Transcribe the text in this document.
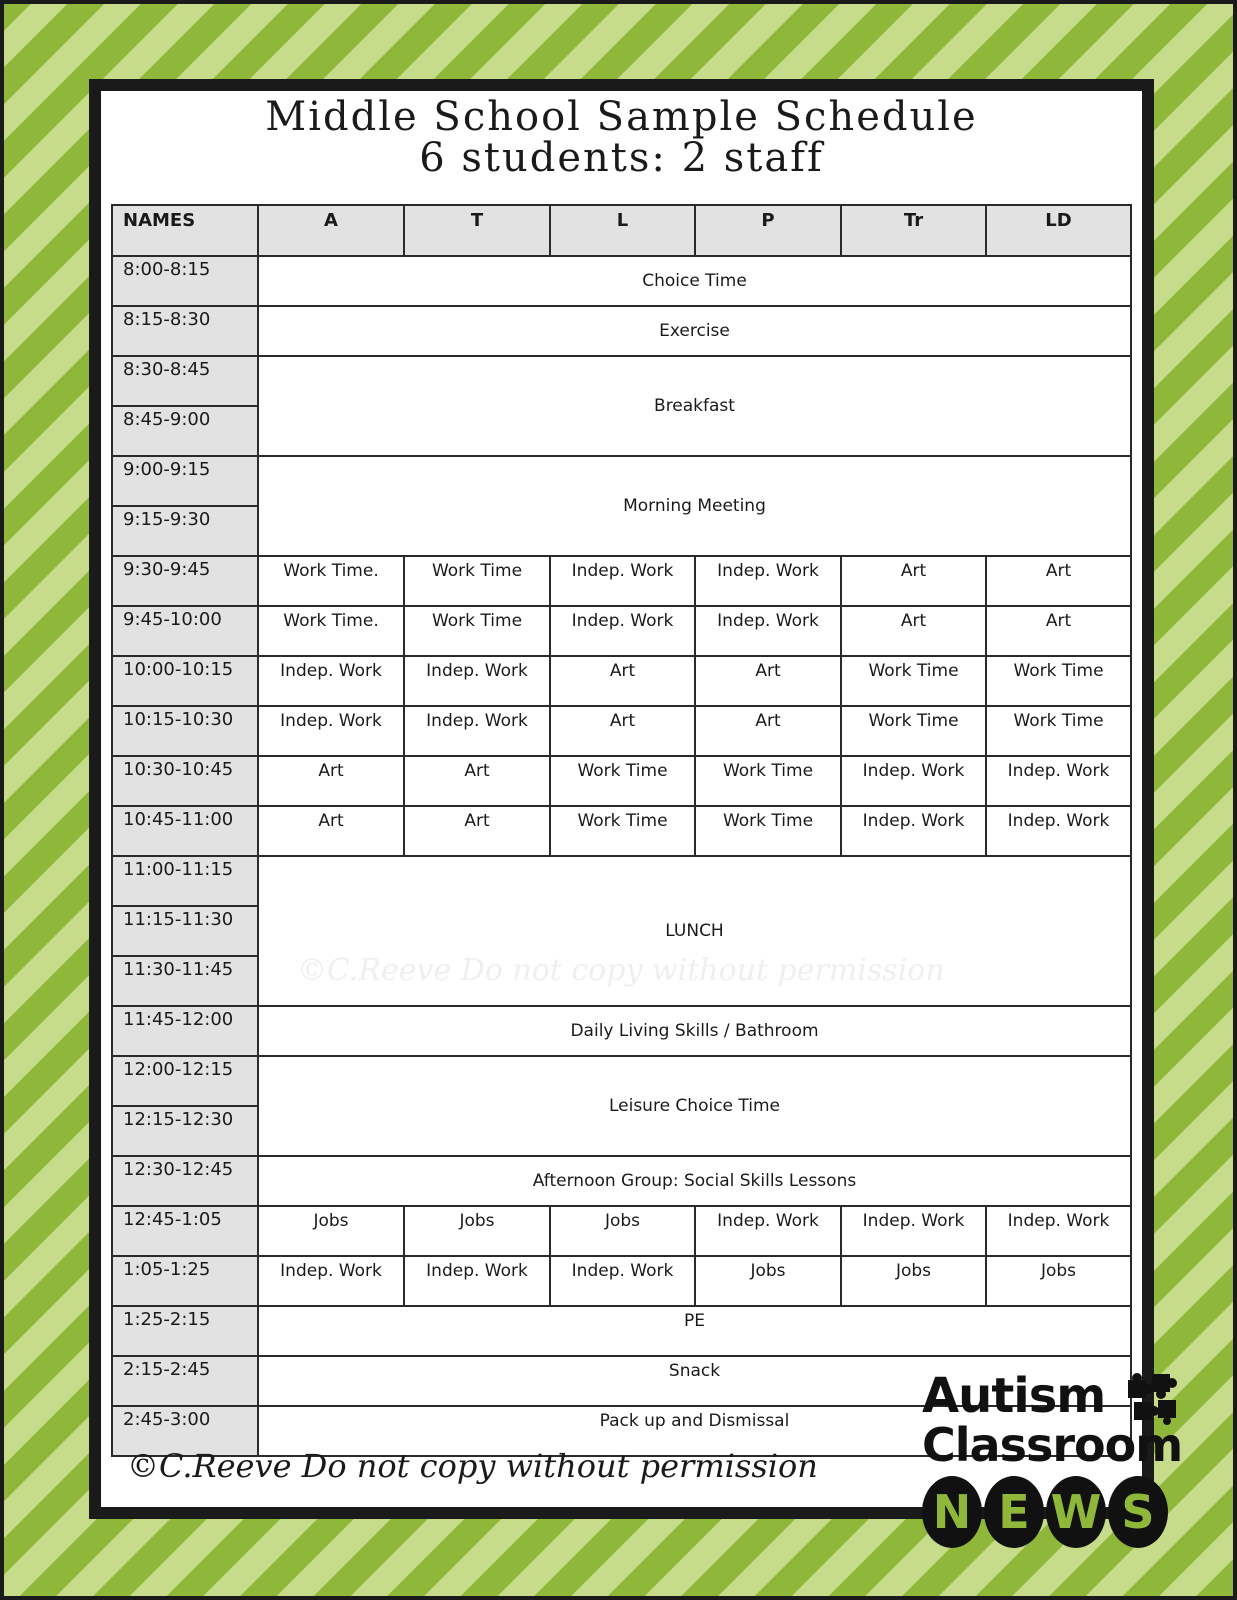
Middle School Sample Schedule
6 students: 2 staff
©C.Reeve Do not copy without permission
NAMES	A	T	L	P	Tr	LD
8:00-8:15	Choice Time					
8:15-8:30	Exercise					
8:30-8:45	Breakfast					
8:45-9:00						
9:00-9:15	Morning Meeting					
9:15-9:30						
9:30-9:45	Work Time.	Work Time	Indep. Work	Indep. Work	Art	Art
9:45-10:00	Work Time.	Work Time	Indep. Work	Indep. Work	Art	Art
10:00-10:15	Indep. Work	Indep. Work	Art	Art	Work Time	Work Time
10:15-10:30	Indep. Work	Indep. Work	Art	Art	Work Time	Work Time
10:30-10:45	Art	Art	Work Time	Work Time	Indep. Work	Indep. Work
10:45-11:00	Art	Art	Work Time	Work Time	Indep. Work	Indep. Work
11:00-11:15	LUNCH					
11:15-11:30						
11:30-11:45						
11:45-12:00	Daily Living Skills / Bathroom					
12:00-12:15	Leisure Choice Time					
12:15-12:30						
12:30-12:45	Afternoon Group: Social Skills Lessons					
12:45-1:05	Jobs	Jobs	Jobs	Indep. Work	Indep. Work	Indep. Work
1:05-1:25	Indep. Work	Indep. Work	Indep. Work	Jobs	Jobs	Jobs
1:25-2:15	PE					
2:15-2:45	Snack					
2:45-3:00	Pack up and Dismissal					
©C.Reeve Do not copy without permission
Autism
Classroom
N E W S
